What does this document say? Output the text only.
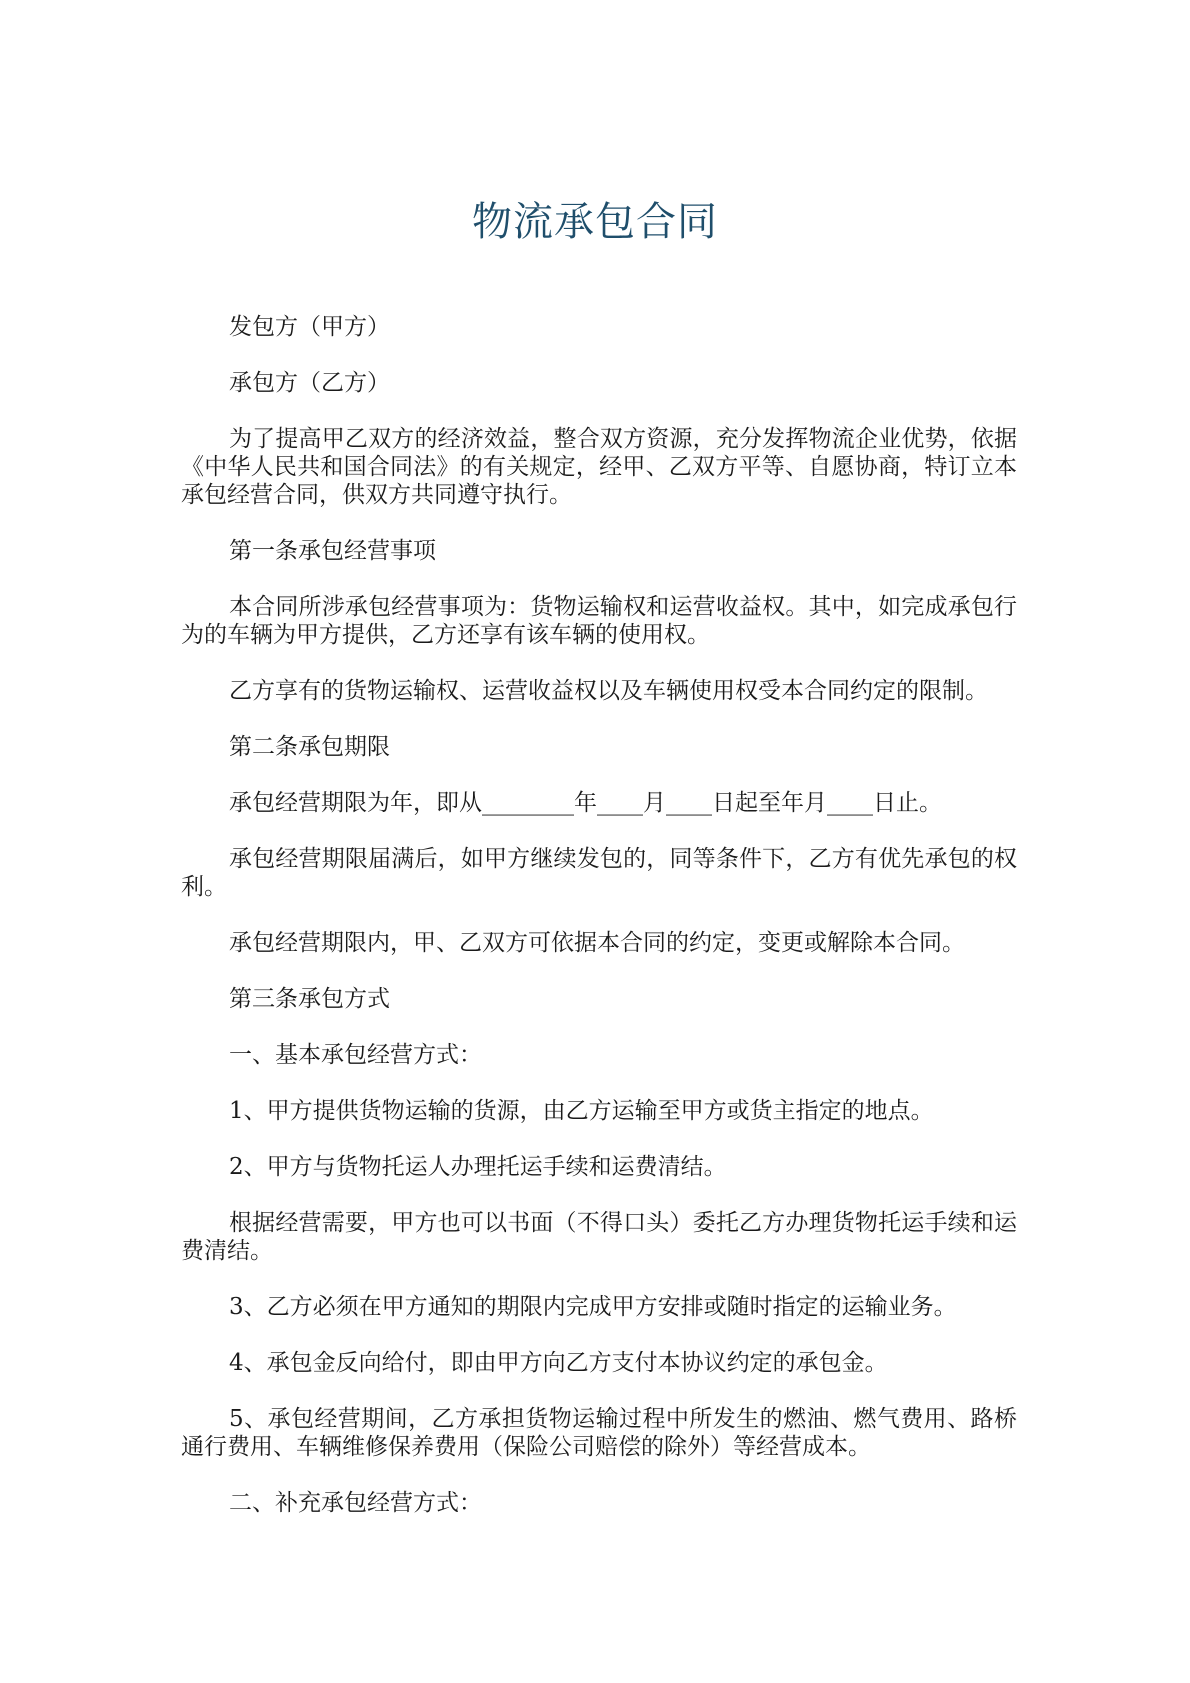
物流承包合同

发包方（甲方）

承包方（乙方）

为了提高甲乙双方的经济效益，整合双方资源，充分发挥物流企业优势，依据《中华人民共和国合同法》的有关规定，经甲、乙双方平等、自愿协商，特订立本承包经营合同，供双方共同遵守执行。

第一条承包经营事项

本合同所涉承包经营事项为：货物运输权和运营收益权。其中，如完成承包行为的车辆为甲方提供，乙方还享有该车辆的使用权。

乙方享有的货物运输权、运营收益权以及车辆使用权受本合同约定的限制。

第二条承包期限

承包经营期限为年，即从________年____月____日起至年月____日止。

承包经营期限届满后，如甲方继续发包的，同等条件下，乙方有优先承包的权利。

承包经营期限内，甲、乙双方可依据本合同的约定，变更或解除本合同。

第三条承包方式

一、基本承包经营方式：

1、甲方提供货物运输的货源，由乙方运输至甲方或货主指定的地点。

2、甲方与货物托运人办理托运手续和运费清结。

根据经营需要，甲方也可以书面（不得口头）委托乙方办理货物托运手续和运费清结。

3、乙方必须在甲方通知的期限内完成甲方安排或随时指定的运输业务。

4、承包金反向给付，即由甲方向乙方支付本协议约定的承包金。

5、承包经营期间，乙方承担货物运输过程中所发生的燃油、燃气费用、路桥通行费用、车辆维修保养费用（保险公司赔偿的除外）等经营成本。

二、补充承包经营方式：
